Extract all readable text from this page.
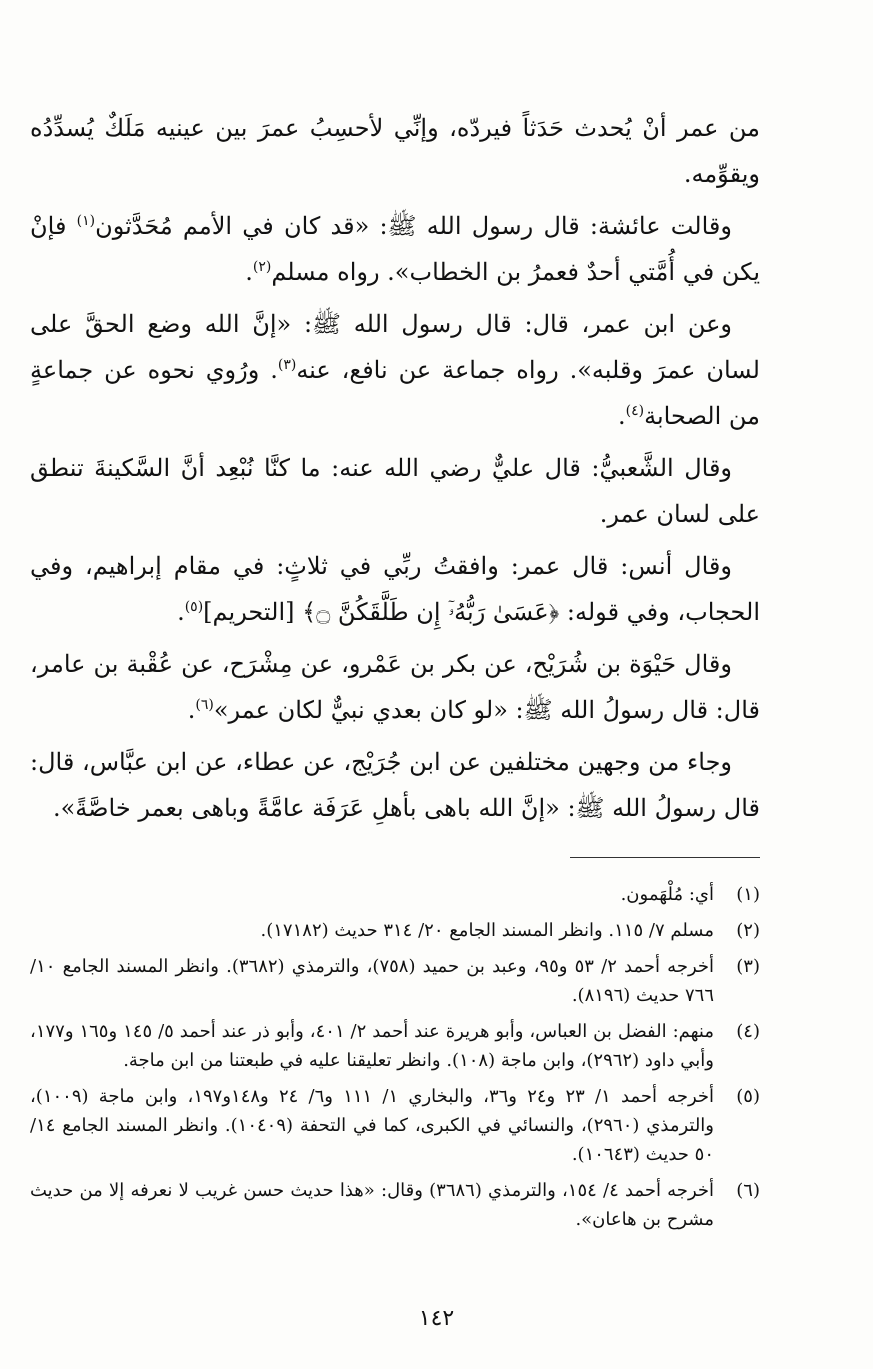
من عمر أنْ يُحدث حَدَثاً فيردّه، وإنِّي لأحسِبُ عمرَ بين عينيه مَلَكٌ يُسدِّدُه ويقوِّمه.

وقالت عائشة: قال رسول الله ﷺ: «قد كان في الأمم مُحَدَّثون$^{(١)}$ فإنْ يكن في أُمَّتي أحدٌ فعمرُ بن الخطاب». رواه مسلم$^{(٢)}$.

وعن ابن عمر، قال: قال رسول الله ﷺ: «إنَّ الله وضع الحقَّ على لسان عمرَ وقلبه». رواه جماعة عن نافع، عنه$^{(٣)}$. ورُوي نحوه عن جماعةٍ من الصحابة$^{(٤)}$.

وقال الشَّعبيُّ: قال عليٌّ رضي الله عنه: ما كنَّا نُبْعِد أنَّ السَّكينةَ تنطق على لسان عمر.

وقال أنس: قال عمر: وافقتُ ربِّي في ثلاثٍ: في مقام إبراهيم، وفي الحجاب، وفي قوله: ﴿عَسَىٰ رَبُّهُۥٓ إِن طَلَّقَكُنَّ ۝﴾ [التحريم]$^{(٥)}$.

وقال حَيْوَة بن شُرَيْح، عن بكر بن عَمْرو، عن مِشْرَح، عن عُقْبة بن عامر، قال: قال رسولُ الله ﷺ: «لو كان بعدي نبيٌّ لكان عمر»$^{(٦)}$.

وجاء من وجهين مختلفين عن ابن جُرَيْج، عن عطاء، عن ابن عبَّاس، قال: قال رسولُ الله ﷺ: «إنَّ الله باهى بأهلِ عَرَفَة عامَّةً وباهى بعمر خاصَّةً».

(١)
أي: مُلْهَمون.
(٢)
مسلم ٧/ ١١٥. وانظر المسند الجامع ٢٠/ ٣١٤ حديث (١٧١٨٢).
(٣)
أخرجه أحمد ٢/ ٥٣ و٩٥، وعبد بن حميد (٧٥٨)، والترمذي (٣٦٨٢). وانظر المسند الجامع ١٠/ ٧٦٦ حديث (٨١٩٦).
(٤)
منهم: الفضل بن العباس، وأبو هريرة عند أحمد ٢/ ٤٠١، وأبو ذر عند أحمد ٥/ ١٤٥ و١٦٥ و١٧٧، وأبي داود (٢٩٦٢)، وابن ماجة (١٠٨). وانظر تعليقنا عليه في طبعتنا من ابن ماجة.
(٥)
أخرجه أحمد ١/ ٢٣ و٢٤ و٣٦، والبخاري ١/ ١١١ و٦/ ٢٤ و١٤٨و١٩٧، وابن ماجة (١٠٠٩)، والترمذي (٢٩٦٠)، والنسائي في الكبرى، كما في التحفة (١٠٤٠٩). وانظر المسند الجامع ١٤/ ٥٠ حديث (١٠٦٤٣).
(٦)
أخرجه أحمد ٤/ ١٥٤، والترمذي (٣٦٨٦) وقال: «هذا حديث حسن غريب لا نعرفه إلا من حديث مشرح بن هاعان».
١٤٢
